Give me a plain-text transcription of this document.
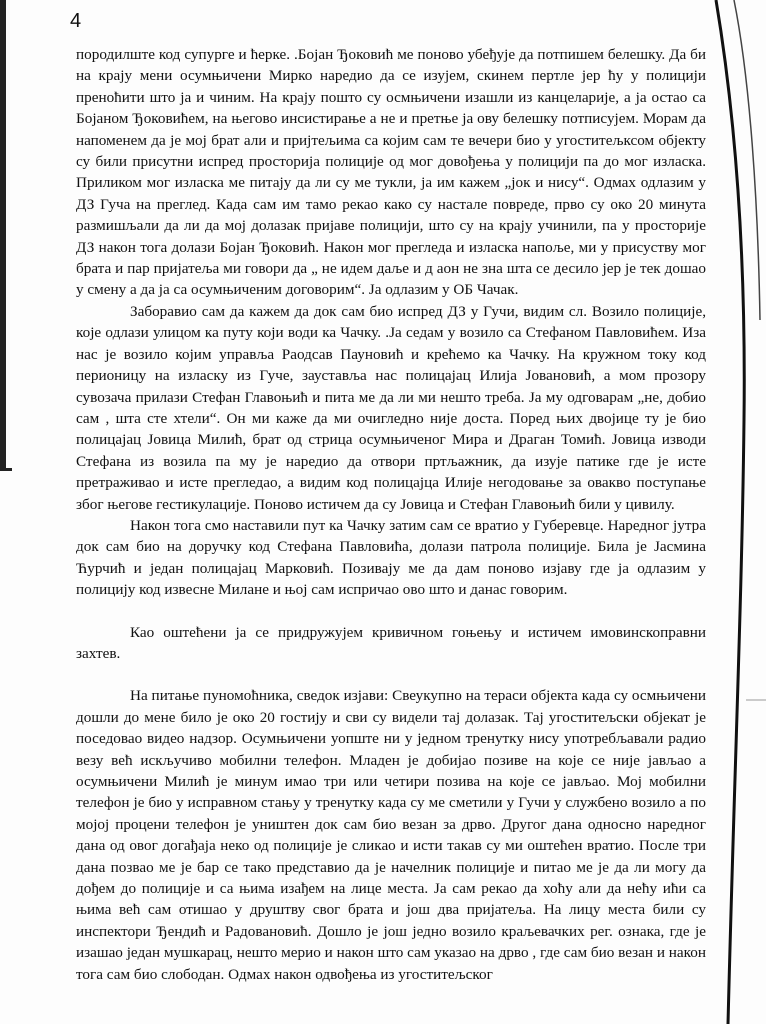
4

породилште код супурге и ћерке. .Бојан Ђоковић ме поново убеђује да потпишем белешку. Да би на крају мени осумњичени Мирко наредио да се изујем, скинем пертле јер ћу у полицији преноћити што ја и чиним. На крају пошто су осмњичени изашли из канцеларије, а ја остао са Бојаном Ђоковићем, на његово инсистирање а не и претње ја ову белешку потписујем. Морам да напоменем да је мој брат али и пријтељима са којим сам те вечери био у угоститељксом објекту су били присутни испред просторија полиције од мог довођења у полицији па до мог изласка. Приликом мог изласка ме питају да ли су ме тукли, ја им кажем „јок и нису“. Одмах одлазим у ДЗ Гуча на преглед. Када сам им тамо рекао како су настале повреде, прво су око 20 минута размишљали да ли да мој долазак пријаве полицији, што су на крају учинили, па у просторије ДЗ након тога долази Бојан Ђоковић. Након мог прегледа и изласка напоље, ми у присуству мог брата и пар пријатеља ми говори да „ не идем даље и д аон не зна шта се десило јер је тек дошао у смену а да ја са осумњиченим договорим“. Ја одлазим у ОБ Чачак.

Заборавио сам да кажем да док сам био испред ДЗ у Гучи, видим сл. Возило полиције, које одлази улицом ка путу који води ка Чачку. .Ја седам у возило са Стефаном Павловићем. Иза нас је возило којим управља Раодсав Пауновић и крећемо ка Чачку. На кружном току код перионицу на изласку из Гуче, зауставља нас полицајац Илија Јовановић, а мом прозору сувозача прилази Стефан Главоњић и пита ме да ли ми нешто треба. Ја му одговарам „не, добио сам , шта сте хтели“. Он ми каже да ми очигледно није доста. Поред њих двојице ту је био полицајац Јовица Милић, брат од стрица осумњиченог Мира и Драган Томић. Јовица изводи Стефана из возила па му је наредио да отвори пртљажник, да изује патике где је исте претраживао и исте прегледао, а видим код полицајца Илије негодовање за овакво поступање због његове гестикулације. Поново истичем да су Јовица и Стефан Главоњић били у цивилу.

Након тога смо наставили пут ка Чачку затим сам се вратио у Губеревце. Наредног јутра док сам био на доручку код Стефана Павловића, долази патрола полиције. Била је Јасмина Ћурчић и један полицајац Марковић. Позивају ме да дам поново изјаву где ја одлазим у полицију код извесне Милане и њој сам испричао ово што и данас говорим.

Као оштећени ја се придружујем кривичном гоњењу и истичем имовинскоправни захтев.

На питање пуномоћника, сведок изјави: Свеукупно на тераси објекта када су осмњичени дошли до мене било је око 20 гостију и сви су видели тај долазак. Тај угоститељски објекат је поседовао видео надзор. Осумњичени уопште ни у једном тренутку нису употребљавали радио везу већ искључиво мобилни телефон. Младен је добијао позиве на које се није јављао а осумњичени Милић је минум имао три или четири позива на које се јављао. Мој мобилни телефон је био у исправном стању у тренутку када су ме сметили у Гучи у службено возило а по мојој процени телефон је уништен док сам био везан за дрво. Другог дана односно наредног дана од овог догађаја неко од полиције је сликао и исти такав су ми оштећен вратио. После три дана позвао ме је бар се тако представио да је начелник полиције и питао ме је да ли могу да дођем до полиције и са њима изађем на лице места. Ја сам рекао да хоћу али да нећу ићи са њима већ сам отишао у друштву свог брата и још два пријатеља. На лицу места били су инспектори Ђендић и Радовановић. Дошло је још једно возило краљевачких рег. ознака, где је изашао један мушкарац, нешто мерио и након што сам указао на дрво , где сам био везан и након тога сам био слободан. Одмах након одвођења из угоститељског
